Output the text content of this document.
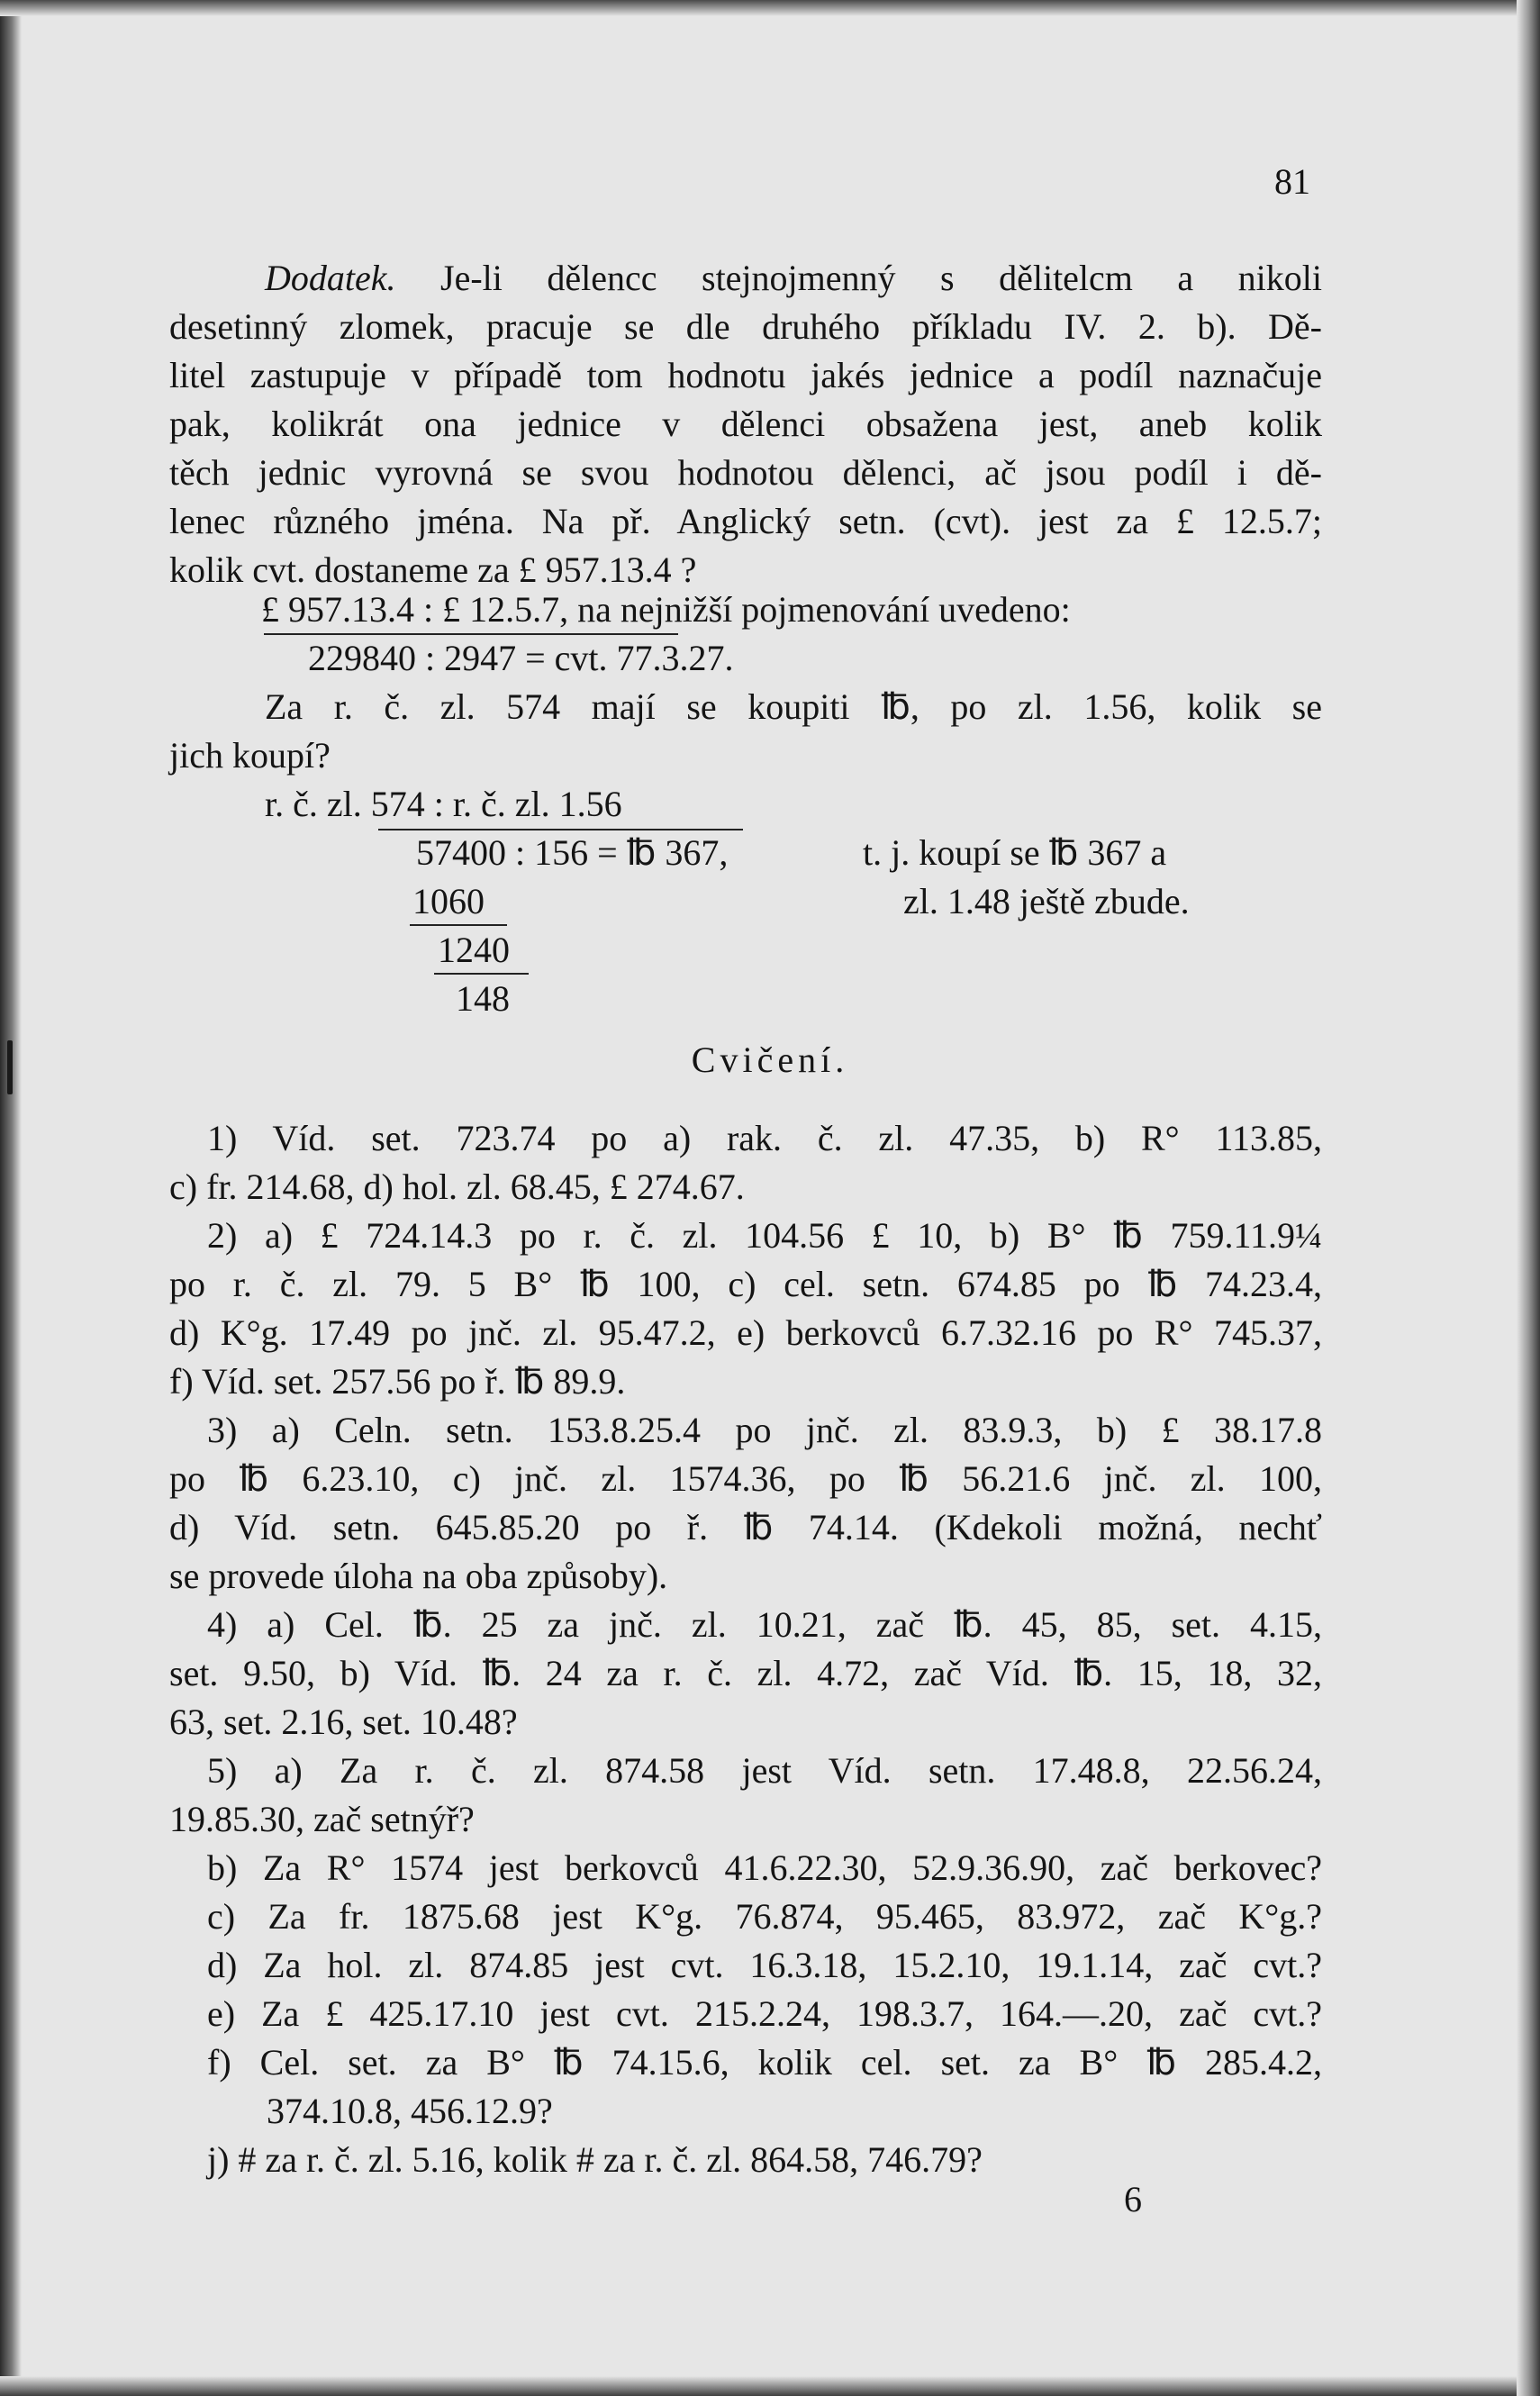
81

Dodatek. Je-li dělencc stejnojmenný s dělitelcm a nikoli

desetinný zlomek, pracuje se dle druhého příkladu IV. 2. b). Dě-

litel zastupuje v případě tom hodnotu jakés jednice a podíl naznačuje

pak, kolikrát ona jednice v dělenci obsažena jest, aneb kolik

těch jednic vyrovná se svou hodnotou dělenci, ač jsou podíl i dě-

lenec různého jména. Na př. Anglický setn. (cvt). jest za £ 12.5.7;

kolik cvt. dostaneme za £ 957.13.4 ?

£ 957.13.4 : £ 12.5.7, na nejnižší pojmenování uvedeno:
229840 : 2947 = cvt. 77.3.27.

Za r. č. zl. 574 mají se koupiti ℔, po zl. 1.56, kolik se

jich koupí?

r. č. zl. 574 : r. č. zl. 1.56
57400 : 156 = ℔ 367,	t. j. koupí se ℔ 367 a
1060	zl. 1.48 ještě zbude.
1240
148
Cvičení.

1) Víd. set. 723.74 po a) rak. č. zl. 47.35, b) R° 113.85,

c) fr. 214.68, d) hol. zl. 68.45, £ 274.67.

2) a) £ 724.14.3 po r. č. zl. 104.56 £ 10, b) B° ℔ 759.11.9¼

po r. č. zl. 79. 5 B° ℔ 100, c) cel. setn. 674.85 po ℔ 74.23.4,

d) K°g. 17.49 po jnč. zl. 95.47.2, e) berkovců 6.7.32.16 po R° 745.37,

f) Víd. set. 257.56 po ř. ℔ 89.9.

3) a) Celn. setn. 153.8.25.4 po jnč. zl. 83.9.3, b) £ 38.17.8

po ℔ 6.23.10, c) jnč. zl. 1574.36, po ℔ 56.21.6 jnč. zl. 100,

d) Víd. setn. 645.85.20 po ř. ℔ 74.14. (Kdekoli možná, nechť

se provede úloha na oba způsoby).

4) a) Cel. ℔. 25 za jnč. zl. 10.21, zač ℔. 45, 85, set. 4.15,

set. 9.50, b) Víd. ℔. 24 za r. č. zl. 4.72, zač Víd. ℔. 15, 18, 32,

63, set. 2.16, set. 10.48?

5) a) Za r. č. zl. 874.58 jest Víd. setn. 17.48.8, 22.56.24,

19.85.30, zač setnýř?

b) Za R° 1574 jest berkovců 41.6.22.30, 52.9.36.90, zač berkovec?

c) Za fr. 1875.68 jest K°g. 76.874, 95.465, 83.972, zač K°g.?

d) Za hol. zl. 874.85 jest cvt. 16.3.18, 15.2.10, 19.1.14, zač cvt.?

e) Za £ 425.17.10 jest cvt. 215.2.24, 198.3.7, 164.—.20, zač cvt.?

f) Cel. set. za B° ℔ 74.15.6, kolik cel. set. za B° ℔ 285.4.2,

374.10.8, 456.12.9?

j) # za r. č. zl. 5.16, kolik # za r. č. zl. 864.58, 746.79?

6
